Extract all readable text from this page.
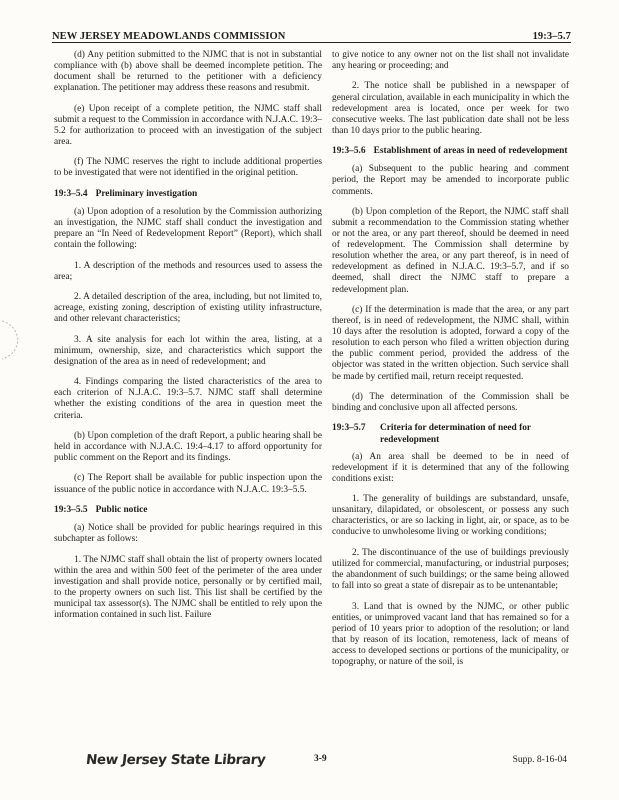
NEW JERSEY MEADOWLANDS COMMISSION	19:3–5.7

(d) Any petition submitted to the NJMC that is not in substantial compliance with (b) above shall be deemed incomplete petition. The document shall be returned to the petitioner with a deficiency explanation. The petitioner may address these reasons and resubmit.

(e) Upon receipt of a complete petition, the NJMC staff shall submit a request to the Commission in accordance with N.J.A.C. 19:3–5.2 for authorization to proceed with an investigation of the subject area.

(f) The NJMC reserves the right to include additional properties to be investigated that were not identified in the original petition.

19:3–5.4 Preliminary investigation

(a) Upon adoption of a resolution by the Commission authorizing an investigation, the NJMC staff shall conduct the investigation and prepare an “In Need of Redevelopment Report” (Report), which shall contain the following:

1. A description of the methods and resources used to assess the area;

2. A detailed description of the area, including, but not limited to, acreage, existing zoning, description of existing utility infrastructure, and other relevant characteristics;

3. A site analysis for each lot within the area, listing, at a minimum, ownership, size, and characteristics which support the designation of the area as in need of redevelopment; and

4. Findings comparing the listed characteristics of the area to each criterion of N.J.A.C. 19:3–5.7. NJMC staff shall determine whether the existing conditions of the area in question meet the criteria.

(b) Upon completion of the draft Report, a public hearing shall be held in accordance with N.J.A.C. 19:4–4.17 to afford opportunity for public comment on the Report and its findings.

(c) The Report shall be available for public inspection upon the issuance of the public notice in accordance with N.J.A.C. 19:3–5.5.

19:3–5.5 Public notice

(a) Notice shall be provided for public hearings required in this subchapter as follows:

1. The NJMC staff shall obtain the list of property owners located within the area and within 500 feet of the perimeter of the area under investigation and shall provide notice, personally or by certified mail, to the property owners on such list. This list shall be certified by the municipal tax assessor(s). The NJMC shall be entitled to rely upon the information contained in such list. Failure

to give notice to any owner not on the list shall not invalidate any hearing or proceeding; and

2. The notice shall be published in a newspaper of general circulation, available in each municipality in which the redevelopment area is located, once per week for two consecutive weeks. The last publication date shall not be less than 10 days prior to the public hearing.

19:3–5.6 Establishment of areas in need of redevelopment

(a) Subsequent to the public hearing and comment period, the Report may be amended to incorporate public comments.

(b) Upon completion of the Report, the NJMC staff shall submit a recommendation to the Commission stating whether or not the area, or any part thereof, should be deemed in need of redevelopment. The Commission shall determine by resolution whether the area, or any part thereof, is in need of redevelopment as defined in N.J.A.C. 19:3–5.7, and if so deemed, shall direct the NJMC staff to prepare a redevelopment plan.

(c) If the determination is made that the area, or any part thereof, is in need of redevelopment, the NJMC shall, within 10 days after the resolution is adopted, forward a copy of the resolution to each person who filed a written objection during the public comment period, provided the address of the objector was stated in the written objection. Such service shall be made by certified mail, return receipt requested.

(d) The determination of the Commission shall be binding and conclusive upon all affected persons.

19:3–5.7	Criteria for determination of need for redevelopment

(a) An area shall be deemed to be in need of redevelopment if it is determined that any of the following conditions exist:

1. The generality of buildings are substandard, unsafe, unsanitary, dilapidated, or obsolescent, or possess any such characteristics, or are so lacking in light, air, or space, as to be conducive to unwholesome living or working conditions;

2. The discontinuance of the use of buildings previously utilized for commercial, manufacturing, or industrial purposes; the abandonment of such buildings; or the same being allowed to fall into so great a state of disrepair as to be untenantable;

3. Land that is owned by the NJMC, or other public entities, or unimproved vacant land that has remained so for a period of 10 years prior to adoption of the resolution; or land that by reason of its location, remoteness, lack of means of access to developed sections or portions of the municipality, or topography, or nature of the soil, is

New Jersey State Library	3-9	Supp. 8-16-04
